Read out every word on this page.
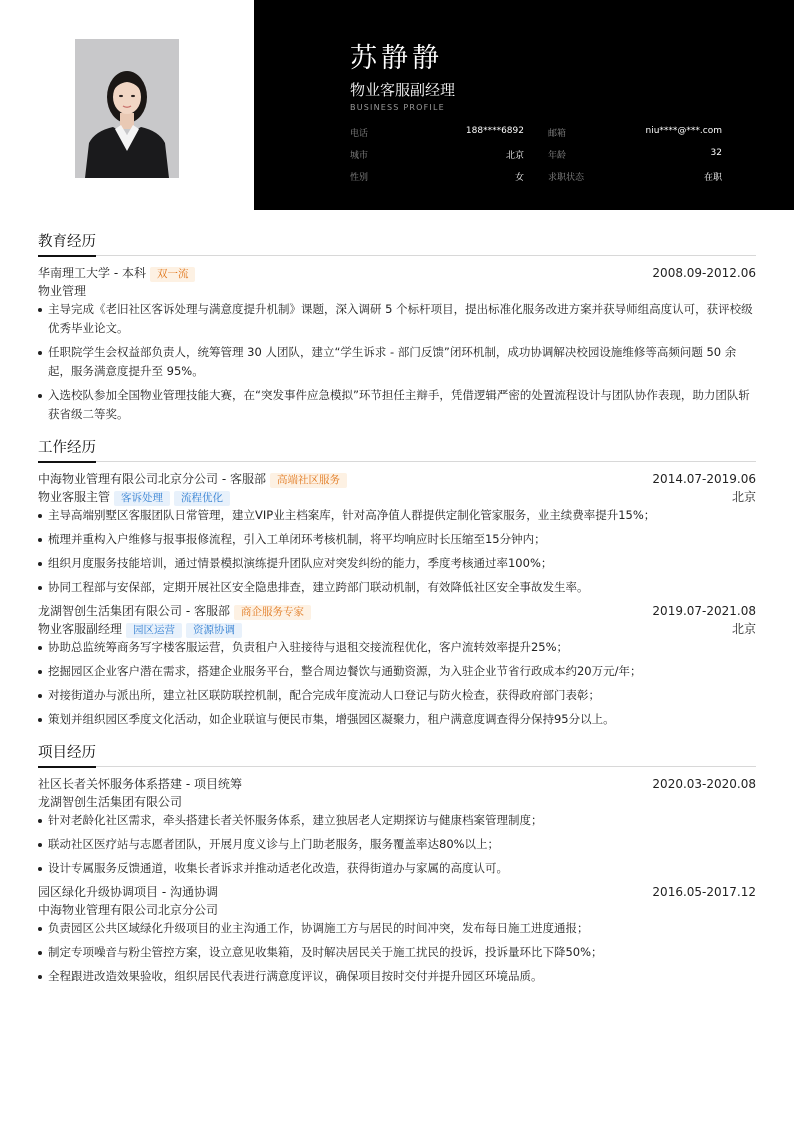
苏静静
物业客服副经理
BUSINESS PROFILE
电话	188****6892	邮箱	niu****@***.com
城市	北京	年龄	32
性别	女	求职状态	在职
教育经历
华南理工大学 - 本科 双一流	2008.09-2012.06
物业管理
主导完成《老旧社区客诉处理与满意度提升机制》课题，深入调研 5 个标杆项目，提出标准化服务改进方案并获导师组高度认可，获评校级优秀毕业论文。
任职院学生会权益部负责人，统筹管理 30 人团队，建立“学生诉求 - 部门反馈”闭环机制，成功协调解决校园设施维修等高频问题 50 余起，服务满意度提升至 95%。
入选校队参加全国物业管理技能大赛，在“突发事件应急模拟”环节担任主辩手，凭借逻辑严密的处置流程设计与团队协作表现，助力团队斩获省级二等奖。
工作经历
中海物业管理有限公司北京分公司 - 客服部 高端社区服务	2014.07-2019.06
物业客服主管 客诉处理 流程优化	北京
主导高端别墅区客服团队日常管理，建立VIP业主档案库，针对高净值人群提供定制化管家服务，业主续费率提升15%；
梳理并重构入户维修与报事报修流程，引入工单闭环考核机制，将平均响应时长压缩至15分钟内；
组织月度服务技能培训，通过情景模拟演练提升团队应对突发纠纷的能力，季度考核通过率100%；
协同工程部与安保部，定期开展社区安全隐患排查，建立跨部门联动机制，有效降低社区安全事故发生率。
龙湖智创生活集团有限公司 - 客服部 商企服务专家	2019.07-2021.08
物业客服副经理 园区运营 资源协调	北京
协助总监统筹商务写字楼客服运营，负责租户入驻接待与退租交接流程优化，客户流转效率提升25%；
挖掘园区企业客户潜在需求，搭建企业服务平台，整合周边餐饮与通勤资源，为入驻企业节省行政成本约20万元/年；
对接街道办与派出所，建立社区联防联控机制，配合完成年度流动人口登记与防火检查，获得政府部门表彰；
策划并组织园区季度文化活动，如企业联谊与便民市集，增强园区凝聚力，租户满意度调查得分保持95分以上。
项目经历
社区长者关怀服务体系搭建 - 项目统筹	2020.03-2020.08
龙湖智创生活集团有限公司
针对老龄化社区需求，牵头搭建长者关怀服务体系，建立独居老人定期探访与健康档案管理制度；
联动社区医疗站与志愿者团队，开展月度义诊与上门助老服务，服务覆盖率达80%以上；
设计专属服务反馈通道，收集长者诉求并推动适老化改造，获得街道办与家属的高度认可。
园区绿化升级协调项目 - 沟通协调	2016.05-2017.12
中海物业管理有限公司北京分公司
负责园区公共区域绿化升级项目的业主沟通工作，协调施工方与居民的时间冲突，发布每日施工进度通报；
制定专项噪音与粉尘管控方案，设立意见收集箱，及时解决居民关于施工扰民的投诉，投诉量环比下降50%；
全程跟进改造效果验收，组织居民代表进行满意度评议，确保项目按时交付并提升园区环境品质。
